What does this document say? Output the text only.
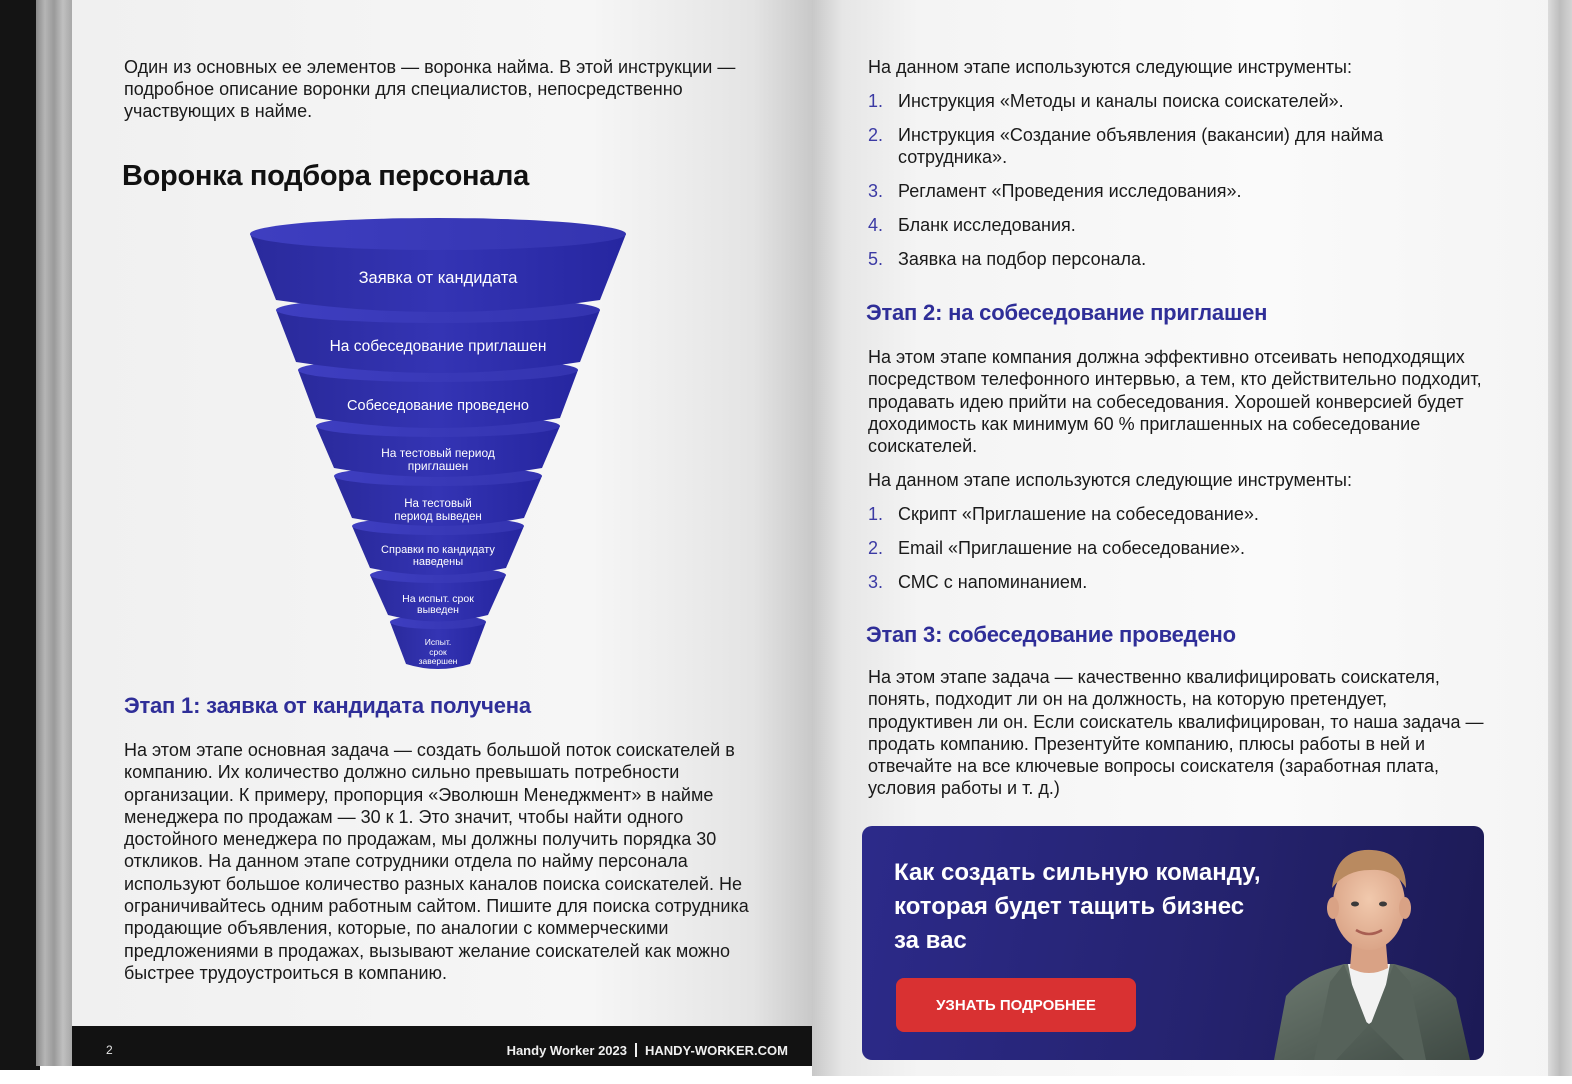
Один из основных ее элементов — воронка найма. В этой инструкции — подробное описание воронки для специалистов, непосредственно участвующих в найме.

Воронка подбора персонала
Испыт.
срок
завершен
На испыт. срок
выведен
Справки по кандидату
наведены
На тестовый
период выведен
На тестовый период
приглашен
Собеседование проведено
На собеседование приглашен
Заявка от кандидата
Этап 1: заявка от кандидата получена

На этом этапе основная задача — создать большой поток соискателей в компанию. Их количество должно сильно превышать потребности организации. К примеру, пропорция «Эволюшн Менеджмент» в найме менеджера по продажам — 30 к 1. Это значит, чтобы найти одного достойного менеджера по продажам, мы должны получить порядка 30 откликов. На данном этапе сотрудники отдела по найму персонала используют большое количество разных каналов поиска соискателей. Не ограничивайтесь одним работным сайтом. Пишите для поиска сотрудника продающие объявления, которые, по аналогии с коммерческими предложениями в продажах, вызывают желание соискателей как можно быстрее трудоустроиться в компанию.

2	Handy Worker 2023 HANDY-WORKER.COM

На данном этапе используются следующие инструменты:

1. Инструкция «Методы и каналы поиска соискателей».
2. Инструкция «Создание объявления (вакансии) для найма сотрудника».
3. Регламент «Проведения исследования».
4. Бланк исследования.
5. Заявка на подбор персонала.
Этап 2: на собеседование приглашен

На этом этапе компания должна эффективно отсеивать неподходящих посредством телефонного интервью, а тем, кто действительно подходит, продавать идею прийти на собеседования. Хорошей конверсией будет доходимость как минимум 60 % приглашенных на собеседование соискателей.

На данном этапе используются следующие инструменты:

1. Скрипт «Приглашение на собеседование».
2. Email «Приглашение на собеседование».
3. СМС с напоминанием.
Этап 3: собеседование проведено

На этом этапе задача — качественно квалифицировать соискателя, понять, подходит ли он на должность, на которую претендует, продуктивен ли он. Если соискатель квалифицирован, то наша задача — продать компанию. Презентуйте компанию, плюсы работы в ней и отвечайте на все ключевые вопросы соискателя (заработная плата, условия работы и т. д.)

Как создать сильную команду, которая будет тащить бизнес за вас
УЗНАТЬ ПОДРОБНЕЕ
